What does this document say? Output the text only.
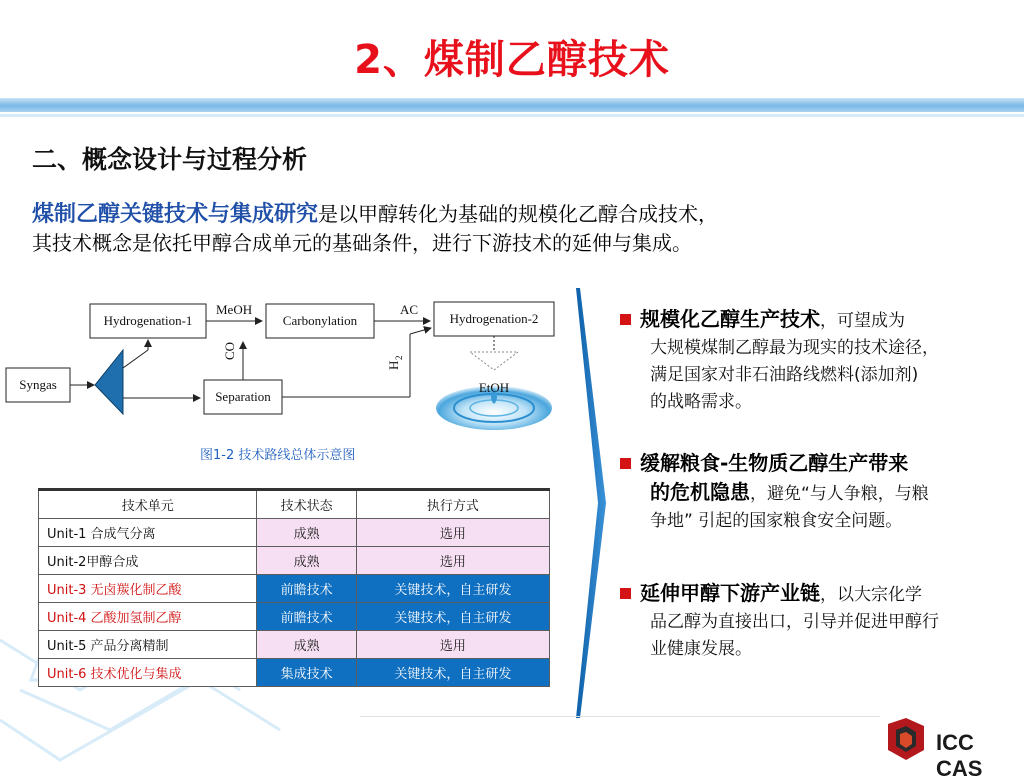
2、煤制乙醇技术
二、概念设计与过程分析
煤制乙醇关键技术与集成研究是以甲醇转化为基础的规模化乙醇合成技术，
其技术概念是依托甲醇合成单元的基础条件，进行下游技术的延伸与集成。
Hydrogenation-1	Carbonylation	Hydrogenation-2
Syngas
Separation
MeOH	AC
CO
H
2
EtOH
图1-2 技术路线总体示意图
技术单元	技术状态	执行方式
Unit-1 合成气分离	成熟	选用
Unit-2甲醇合成	成熟	选用
Unit-3 无卤羰化制乙酸	前瞻技术	关键技术，自主研发
Unit-4 乙酸加氢制乙醇	前瞻技术	关键技术，自主研发
Unit-5 产品分离精制	成熟	选用
Unit-6 技术优化与集成	集成技术	关键技术，自主研发
规模化乙醇生产技术，可望成为
大规模煤制乙醇最为现实的技术途径，
满足国家对非石油路线燃料(添加剂)
的战略需求。
缓解粮食-生物质乙醇生产带来
的危机隐患，避免“与人争粮，与粮
争地” 引起的国家粮食安全问题。
延伸甲醇下游产业链，以大宗化学
品乙醇为直接出口，引导并促进甲醇行
业健康发展。
ICC CAS
